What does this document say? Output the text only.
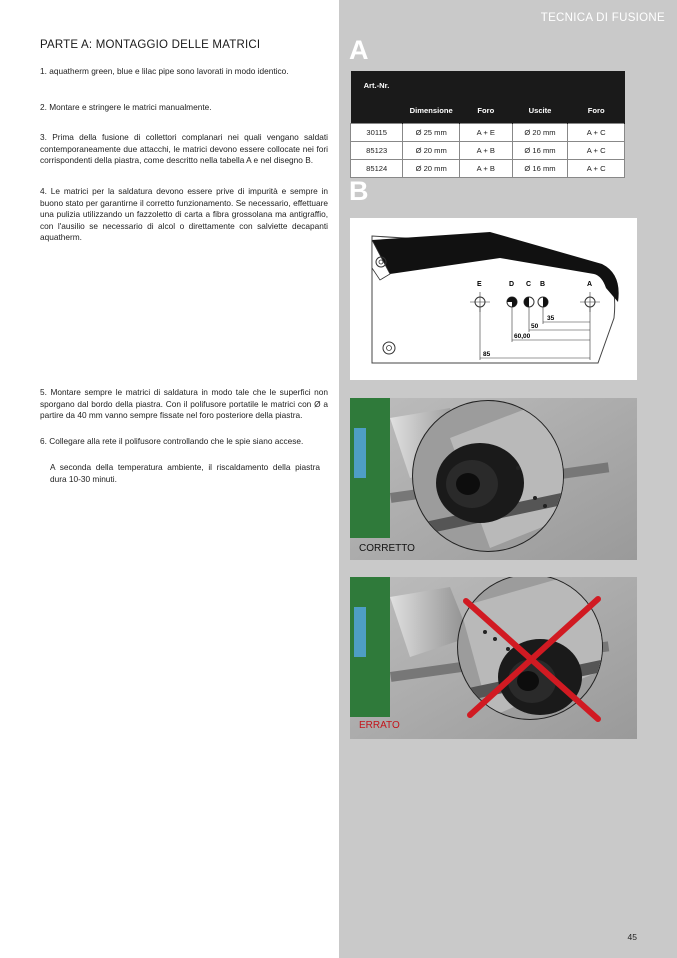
TECNICA DI FUSIONE
PARTE A: MONTAGGIO DELLE MATRICI
1. aquatherm green, blue e lilac pipe sono lavorati in modo identico.
2. Montare e stringere le matrici manualmente.
3. Prima della fusione di collettori complanari nei quali vengano saldati contemporaneamente due attacchi, le matrici devono essere collocate nei fori corrispondenti della piastra, come descritto nella tabella A e nel disegno B.
4. Le matrici per la saldatura devono essere prive di impurità e sempre in buono stato per garantirne il corretto funzionamento. Se necessario, effettuare una pulizia utilizzando un fazzoletto di carta a fibra grossolana ma antigraffio, con l'ausilio se necessario di alcol o direttamente con salviette decapanti aquatherm.
5. Montare sempre le matrici di saldatura in modo tale che le superfici non sporgano dal bordo della piastra. Con il polifusore portatile le matrici con Ø a partire da 40 mm vanno sempre fissate nel foro posteriore della piastra.
6. Collegare alla rete il polifusore controllando che le spie siano accese.
A seconda della temperatura ambiente, il riscaldamento della piastra dura 10-30 minuti.
A
Art.-Nr.	Dimensione	Foro	Uscite	Foro
30115	Ø 25 mm	A + E	Ø 20 mm	A + C
85123	Ø 20 mm	A + B	Ø 16 mm	A + C
85124	Ø 20 mm	A + B	Ø 16 mm	A + C
B
E	D C B	A
35
50
60,00
85
CORRETTO
ERRATO
45
